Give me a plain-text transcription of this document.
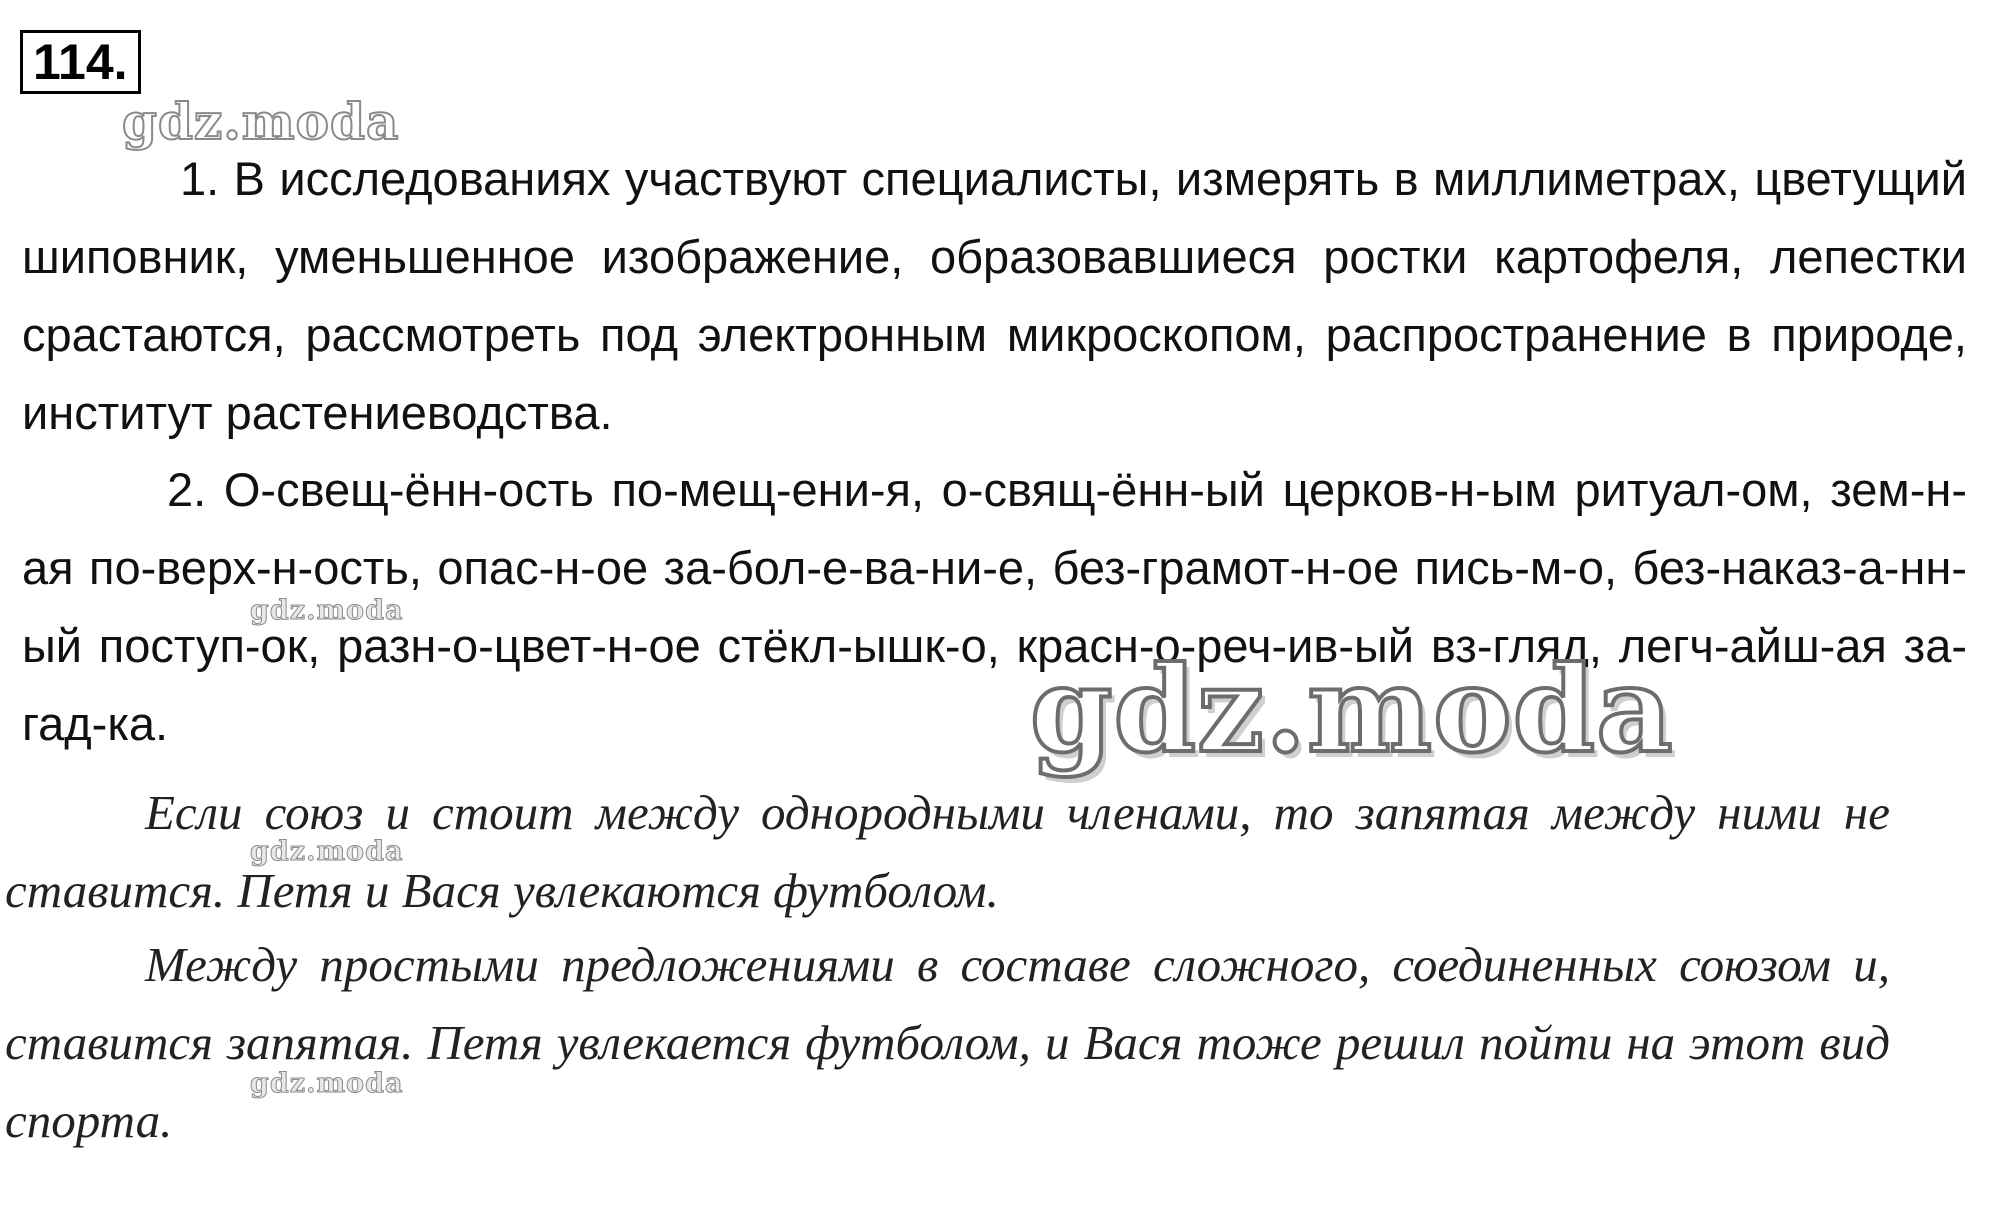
114.
gdz.moda
1. В исследованиях участвуют специалисты, измерять в миллиметрах, цветущий шиповник, уменьшенное изображение, образовавшиеся ростки картофеля, лепестки срастаются, рассмотреть под электронным микроскопом, распространение в природе, институт растениеводства.
2. О-свещ-ённ-ость по-мещ-ени-я, о-свящ-ённ-ый церков-н-ым ритуал-ом, зем-н-ая по-верх-н-ость, опас-н-ое за-бол-е-ва-ни-е, без-грамот-н-ое пись-м-о, без-наказ-а-нн-ый поступ-ок, разн-о-цвет-н-ое стёкл-ышк-о, красн-о-реч-ив-ый вз-гляд, легч-айш-ая за-гад-ка.
Если союз и стоит между однородными членами, то запятая между ними не ставится. Петя и Вася увлекаются футболом.
Между простыми предложениями в составе сложного, соединенных союзом и, ставится запятая. Петя увлекается футболом, и Вася тоже решил пойти на этот вид спорта.
gdz.moda
gdz.moda
gdz.moda
gdz.moda
